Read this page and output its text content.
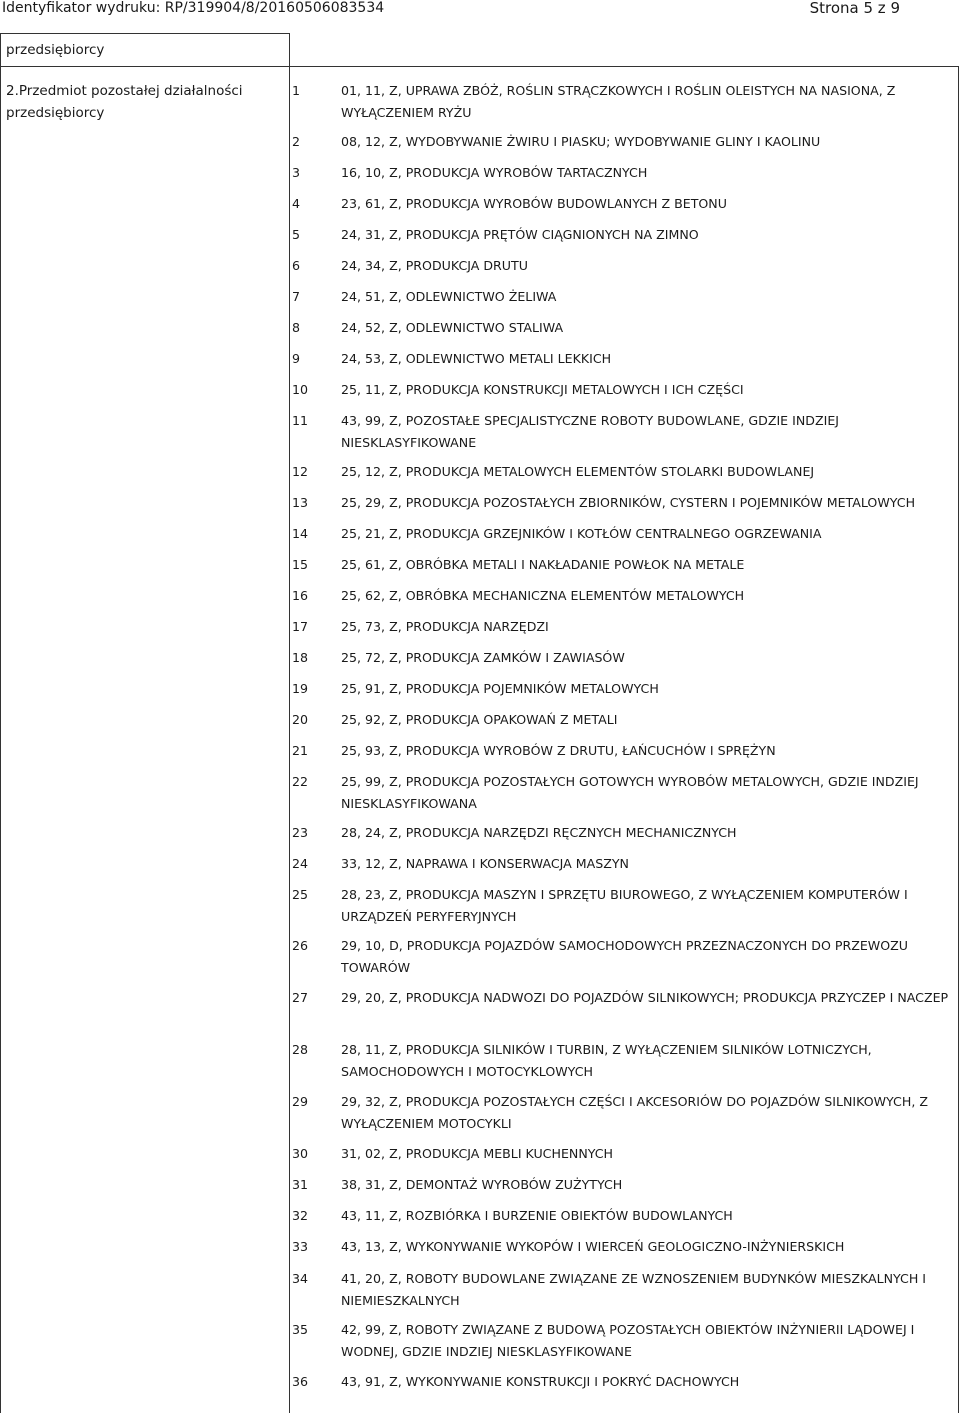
Identyfikator wydruku: RP/319904/8/20160506083534	Strona 5 z 9
przedsiębiorcy
2.Przedmiot pozostałej działalności przedsiębiorcy
1	01, 11, Z, UPRAWA ZBÓŻ, ROŚLIN STRĄCZKOWYCH I ROŚLIN OLEISTYCH NA NASIONA, Z WYŁĄCZENIEM RYŻU
2	08, 12, Z, WYDOBYWANIE ŻWIRU I PIASKU; WYDOBYWANIE GLINY I KAOLINU
3	16, 10, Z, PRODUKCJA WYROBÓW TARTACZNYCH
4	23, 61, Z, PRODUKCJA WYROBÓW BUDOWLANYCH Z BETONU
5	24, 31, Z, PRODUKCJA PRĘTÓW CIĄGNIONYCH NA ZIMNO
6	24, 34, Z, PRODUKCJA DRUTU
7	24, 51, Z, ODLEWNICTWO ŻELIWA
8	24, 52, Z, ODLEWNICTWO STALIWA
9	24, 53, Z, ODLEWNICTWO METALI LEKKICH
10	25, 11, Z, PRODUKCJA KONSTRUKCJI METALOWYCH I ICH CZĘŚCI
11	43, 99, Z, POZOSTAŁE SPECJALISTYCZNE ROBOTY BUDOWLANE, GDZIE INDZIEJ NIESKLASYFIKOWANE
12	25, 12, Z, PRODUKCJA METALOWYCH ELEMENTÓW STOLARKI BUDOWLANEJ
13	25, 29, Z, PRODUKCJA POZOSTAŁYCH ZBIORNIKÓW, CYSTERN I POJEMNIKÓW METALOWYCH
14	25, 21, Z, PRODUKCJA GRZEJNIKÓW I KOTŁÓW CENTRALNEGO OGRZEWANIA
15	25, 61, Z, OBRÓBKA METALI I NAKŁADANIE POWŁOK NA METALE
16	25, 62, Z, OBRÓBKA MECHANICZNA ELEMENTÓW METALOWYCH
17	25, 73, Z, PRODUKCJA NARZĘDZI
18	25, 72, Z, PRODUKCJA ZAMKÓW I ZAWIASÓW
19	25, 91, Z, PRODUKCJA POJEMNIKÓW METALOWYCH
20	25, 92, Z, PRODUKCJA OPAKOWAŃ Z METALI
21	25, 93, Z, PRODUKCJA WYROBÓW Z DRUTU, ŁAŃCUCHÓW I SPRĘŻYN
22	25, 99, Z, PRODUKCJA POZOSTAŁYCH GOTOWYCH WYROBÓW METALOWYCH, GDZIE INDZIEJ NIESKLASYFIKOWANA
23	28, 24, Z, PRODUKCJA NARZĘDZI RĘCZNYCH MECHANICZNYCH
24	33, 12, Z, NAPRAWA I KONSERWACJA MASZYN
25	28, 23, Z, PRODUKCJA MASZYN I SPRZĘTU BIUROWEGO, Z WYŁĄCZENIEM KOMPUTERÓW I URZĄDZEŃ PERYFERYJNYCH
26	29, 10, D, PRODUKCJA POJAZDÓW SAMOCHODOWYCH PRZEZNACZONYCH DO PRZEWOZU TOWARÓW
27	29, 20, Z, PRODUKCJA NADWOZI DO POJAZDÓW SILNIKOWYCH; PRODUKCJA PRZYCZEP I NACZEP
28	28, 11, Z, PRODUKCJA SILNIKÓW I TURBIN, Z WYŁĄCZENIEM SILNIKÓW LOTNICZYCH, SAMOCHODOWYCH I MOTOCYKLOWYCH
29	29, 32, Z, PRODUKCJA POZOSTAŁYCH CZĘŚCI I AKCESORIÓW DO POJAZDÓW SILNIKOWYCH, Z WYŁĄCZENIEM MOTOCYKLI
30	31, 02, Z, PRODUKCJA MEBLI KUCHENNYCH
31	38, 31, Z, DEMONTAŻ WYROBÓW ZUŻYTYCH
32	43, 11, Z, ROZBIÓRKA I BURZENIE OBIEKTÓW BUDOWLANYCH
33	43, 13, Z, WYKONYWANIE WYKOPÓW I WIERCEŃ GEOLOGICZNO-INŻYNIERSKICH
34	41, 20, Z, ROBOTY BUDOWLANE ZWIĄZANE ZE WZNOSZENIEM BUDYNKÓW MIESZKALNYCH I NIEMIESZKALNYCH
35	42, 99, Z, ROBOTY ZWIĄZANE Z BUDOWĄ POZOSTAŁYCH OBIEKTÓW INŻYNIERII LĄDOWEJ I WODNEJ, GDZIE INDZIEJ NIESKLASYFIKOWANE
36	43, 91, Z, WYKONYWANIE KONSTRUKCJI I POKRYĆ DACHOWYCH
